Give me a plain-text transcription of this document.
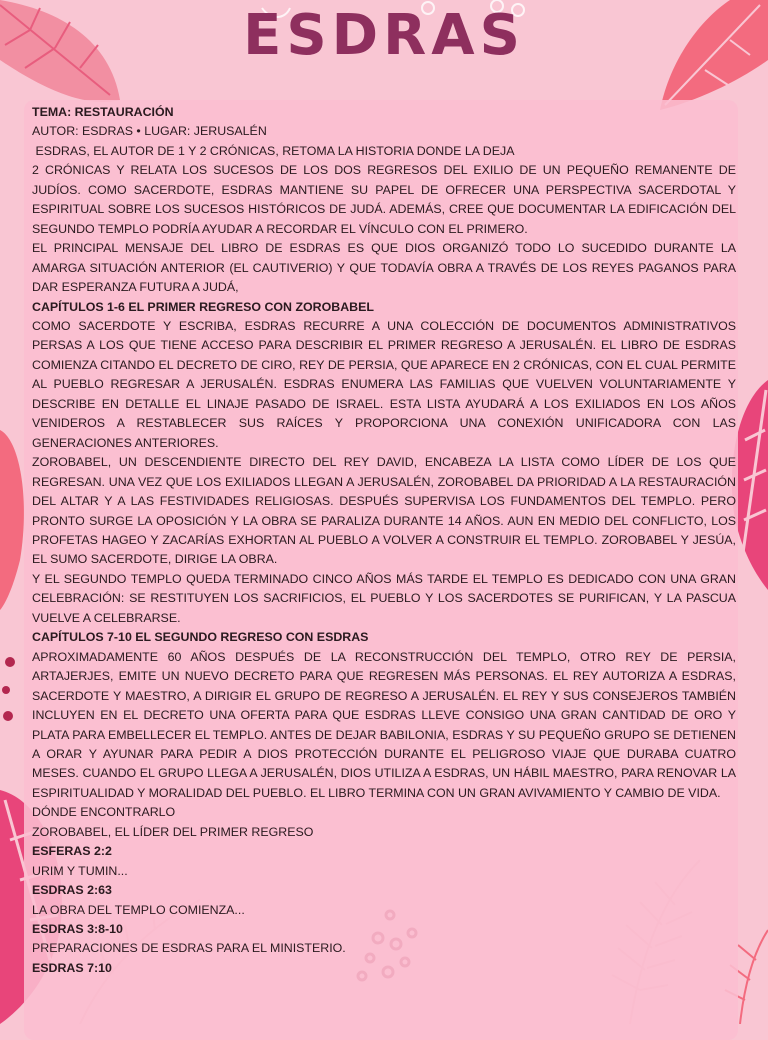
ESDRAS

TEMA: RESTAURACIÓN

AUTOR: ESDRAS • LUGAR: JERUSALÉN

ESDRAS, EL AUTOR DE 1 Y 2 CRÓNICAS, RETOMA LA HISTORIA DONDE LA DEJA

2 CRÓNICAS Y RELATA LOS SUCESOS DE LOS DOS REGRESOS DEL EXILIO DE UN PEQUEÑO REMANENTE DE JUDÍOS. COMO SACERDOTE, ESDRAS MANTIENE SU PAPEL DE OFRECER UNA PERSPECTIVA SACERDOTAL Y ESPIRITUAL SOBRE LOS SUCESOS HISTÓRICOS DE JUDÁ. ADEMÁS, CREE QUE DOCUMENTAR LA EDIFICACIÓN DEL SEGUNDO TEMPLO PODRÍA AYUDAR A RECORDAR EL VÍNCULO CON EL PRIMERO.

EL PRINCIPAL MENSAJE DEL LIBRO DE ESDRAS ES QUE DIOS ORGANIZÓ TODO LO SUCEDIDO DURANTE LA AMARGA SITUACIÓN ANTERIOR (EL CAUTIVERIO) Y QUE TODAVÍA OBRA A TRAVÉS DE LOS REYES PAGANOS PARA DAR ESPERANZA FUTURA A JUDÁ,

CAPÍTULOS 1-6 EL PRIMER REGRESO CON ZOROBABEL

COMO SACERDOTE Y ESCRIBA, ESDRAS RECURRE A UNA COLECCIÓN DE DOCUMENTOS ADMINISTRATIVOS PERSAS A LOS QUE TIENE ACCESO PARA DESCRIBIR EL PRIMER REGRESO A JERUSALÉN. EL LIBRO DE ESDRAS COMIENZA CITANDO EL DECRETO DE CIRO, REY DE PERSIA, QUE APARECE EN 2 CRÓNICAS, CON EL CUAL PERMITE AL PUEBLO REGRESAR A JERUSALÉN. ESDRAS ENUMERA LAS FAMILIAS QUE VUELVEN VOLUNTARIAMENTE Y DESCRIBE EN DETALLE EL LINAJE PASADO DE ISRAEL. ESTA LISTA AYUDARÁ A LOS EXILIADOS EN LOS AÑOS VENIDEROS A RESTABLECER SUS RAÍCES Y PROPORCIONA UNA CONEXIÓN UNIFICADORA CON LAS GENERACIONES ANTERIORES.

ZOROBABEL, UN DESCENDIENTE DIRECTO DEL REY DAVID, ENCABEZA LA LISTA COMO LÍDER DE LOS QUE REGRESAN. UNA VEZ QUE LOS EXILIADOS LLEGAN A JERUSALÉN, ZOROBABEL DA PRIORIDAD A LA RESTAURACIÓN DEL ALTAR Y A LAS FESTIVIDADES RELIGIOSAS. DESPUÉS SUPERVISA LOS FUNDAMENTOS DEL TEMPLO. PERO PRONTO SURGE LA OPOSICIÓN Y LA OBRA SE PARALIZA DURANTE 14 AÑOS. AUN EN MEDIO DEL CONFLICTO, LOS PROFETAS HAGEO Y ZACARÍAS EXHORTAN AL PUEBLO A VOLVER A CONSTRUIR EL TEMPLO. ZOROBABEL Y JESÚA, EL SUMO SACERDOTE, DIRIGE LA OBRA.

Y EL SEGUNDO TEMPLO QUEDA TERMINADO CINCO AÑOS MÁS TARDE EL TEMPLO ES DEDICADO CON UNA GRAN CELEBRACIÓN: SE RESTITUYEN LOS SACRIFICIOS, EL PUEBLO Y LOS SACERDOTES SE PURIFICAN, Y LA PASCUA VUELVE A CELEBRARSE.

CAPÍTULOS 7-10 EL SEGUNDO REGRESO CON ESDRAS

APROXIMADAMENTE 60 AÑOS DESPUÉS DE LA RECONSTRUCCIÓN DEL TEMPLO, OTRO REY DE PERSIA, ARTAJERJES, EMITE UN NUEVO DECRETO PARA QUE REGRESEN MÁS PERSONAS. EL REY AUTORIZA A ESDRAS, SACERDOTE Y MAESTRO, A DIRIGIR EL GRUPO DE REGRESO A JERUSALÉN. EL REY Y SUS CONSEJEROS TAMBIÉN INCLUYEN EN EL DECRETO UNA OFERTA PARA QUE ESDRAS LLEVE CONSIGO UNA GRAN CANTIDAD DE ORO Y PLATA PARA EMBELLECER EL TEMPLO. ANTES DE DEJAR BABILONIA, ESDRAS Y SU PEQUEÑO GRUPO SE DETIENEN A ORAR Y AYUNAR PARA PEDIR A DIOS PROTECCIÓN DURANTE EL PELIGROSO VIAJE QUE DURABA CUATRO MESES. CUANDO EL GRUPO LLEGA A JERUSALÉN, DIOS UTILIZA A ESDRAS, UN HÁBIL MAESTRO, PARA RENOVAR LA ESPIRITUALIDAD Y MORALIDAD DEL PUEBLO. EL LIBRO TERMINA CON UN GRAN AVIVAMIENTO Y CAMBIO DE VIDA.

DÓNDE ENCONTRARLO

ZOROBABEL, EL LÍDER DEL PRIMER REGRESO

ESFERAS 2:2

URIM Y TUMIN...

ESDRAS 2:63

LA OBRA DEL TEMPLO COMIENZA...

ESDRAS 3:8-10

PREPARACIONES DE ESDRAS PARA EL MINISTERIO.

ESDRAS 7:10
